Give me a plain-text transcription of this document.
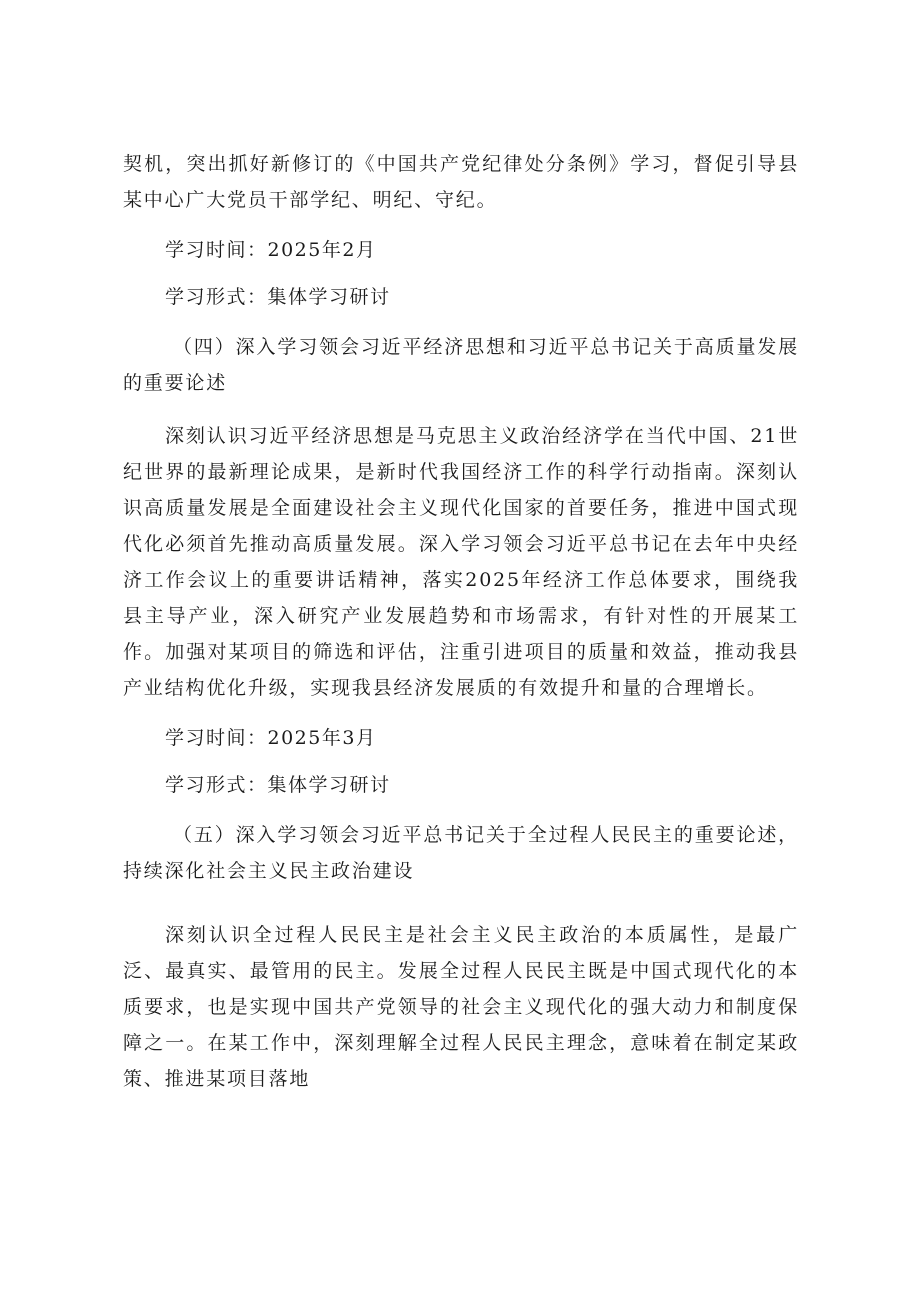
契机，突出抓好新修订的《中国共产党纪律处分条例》学习，督促引导县某中心广大党员干部学纪、明纪、守纪。

学习时间：2025年2月

学习形式：集体学习研讨

（四）深入学习领会习近平经济思想和习近平总书记关于高质量发展的重要论述

深刻认识习近平经济思想是马克思主义政治经济学在当代中国、21世纪世界的最新理论成果，是新时代我国经济工作的科学行动指南。深刻认识高质量发展是全面建设社会主义现代化国家的首要任务，推进中国式现代化必须首先推动高质量发展。深入学习领会习近平总书记在去年中央经济工作会议上的重要讲话精神，落实2025年经济工作总体要求，围绕我县主导产业，深入研究产业发展趋势和市场需求，有针对性的开展某工作。加强对某项目的筛选和评估，注重引进项目的质量和效益，推动我县产业结构优化升级，实现我县经济发展质的有效提升和量的合理增长。

学习时间：2025年3月

学习形式：集体学习研讨

（五）深入学习领会习近平总书记关于全过程人民民主的重要论述，持续深化社会主义民主政治建设

深刻认识全过程人民民主是社会主义民主政治的本质属性，是最广泛、最真实、最管用的民主。发展全过程人民民主既是中国式现代化的本质要求，也是实现中国共产党领导的社会主义现代化的强大动力和制度保障之一。在某工作中，深刻理解全过程人民民主理念，意味着在制定某政策、推进某项目落地
